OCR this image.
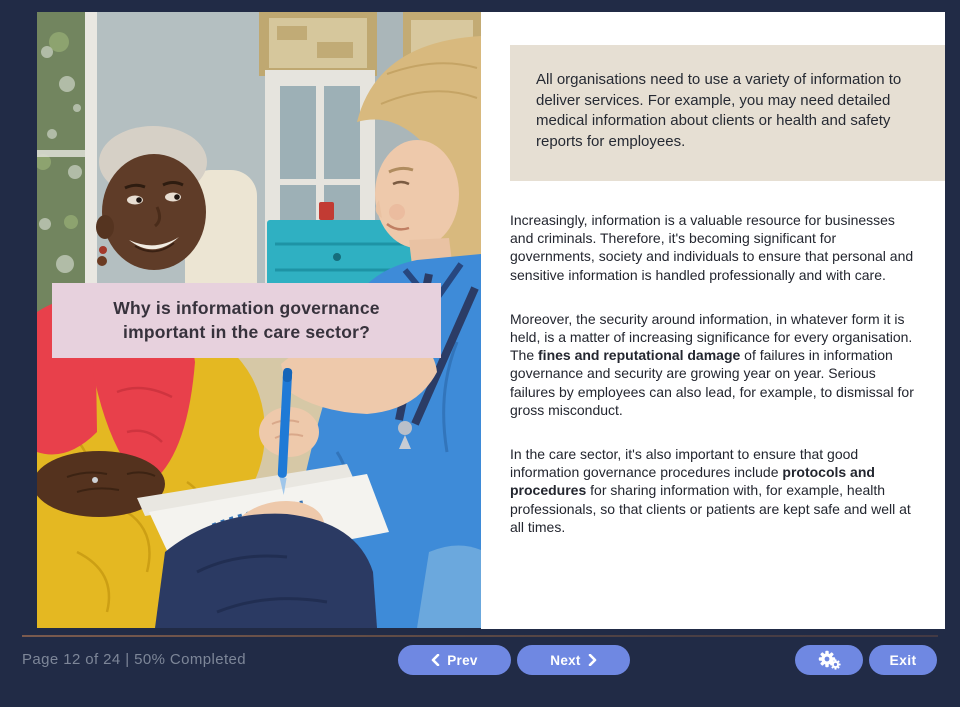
Why is information governance important in the care sector?

All organisations need to use a variety of information to deliver services. For example, you may need detailed medical information about clients or health and safety reports for employees.

Increasingly, information is a valuable resource for businesses and criminals. Therefore, it's becoming significant for governments, society and individuals to ensure that personal and sensitive information is handled professionally and with care.

Moreover, the security around information, in whatever form it is held, is a matter of increasing significance for every organisation. The fines and reputational damage of failures in information governance and security are growing year on year. Serious failures by employees can also lead, for example, to dismissal for gross misconduct.

In the care sector, it's also important to ensure that good information governance procedures include protocols and procedures for sharing information with, for example, health professionals, so that clients or patients are kept safe and well at all times.

Page 12 of 24 | 50% Completed	Prev	Next	Exit
